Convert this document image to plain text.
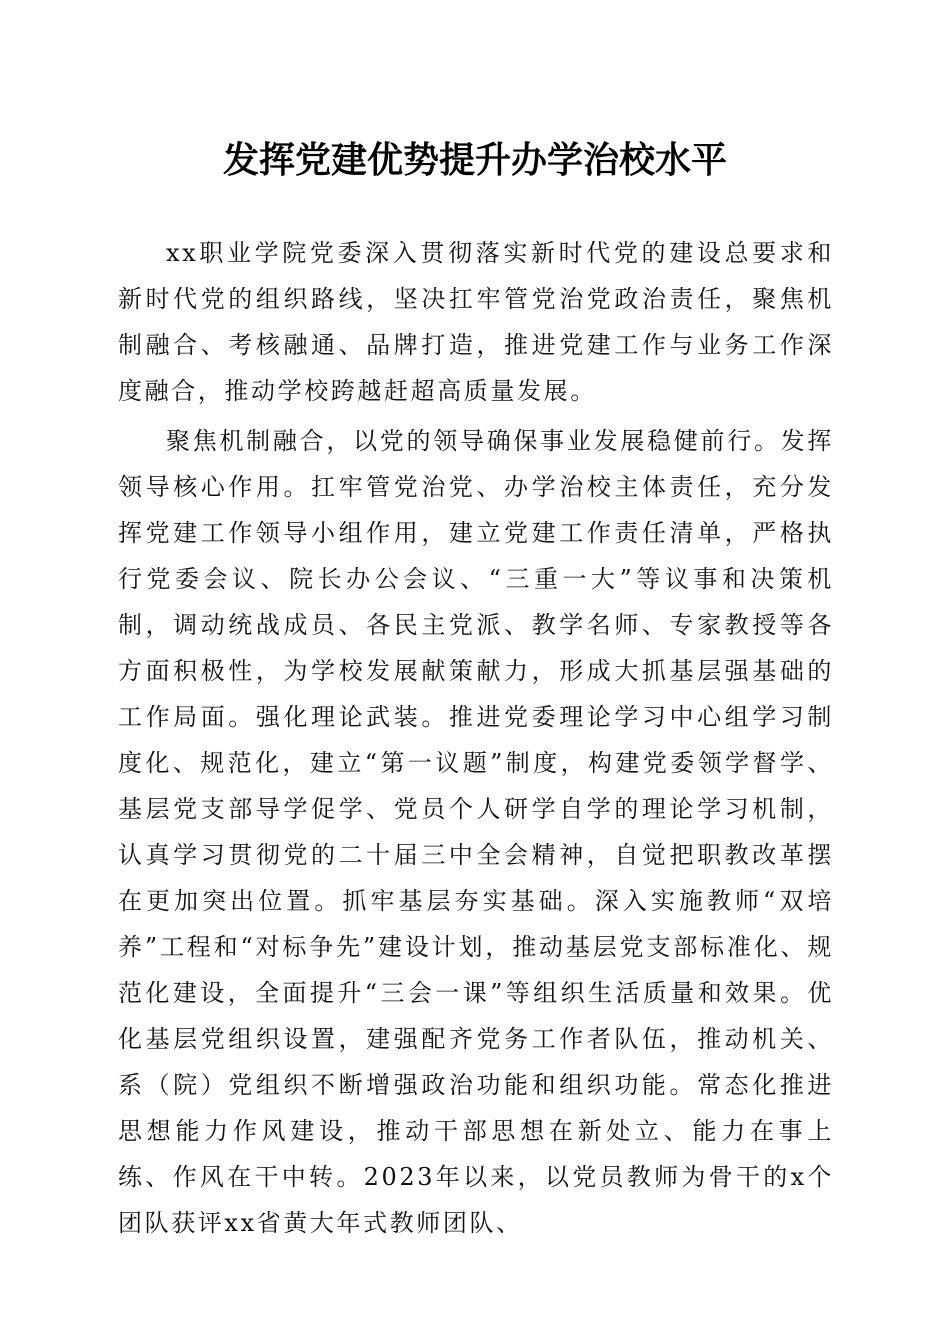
发挥党建优势提升办学治校水平

xx职业学院党委深入贯彻落实新时代党的建设总要求和新时代党的组织路线，坚决扛牢管党治党政治责任，聚焦机制融合、考核融通、品牌打造，推进党建工作与业务工作深度融合，推动学校跨越赶超高质量发展。

聚焦机制融合，以党的领导确保事业发展稳健前行。发挥领导核心作用。扛牢管党治党、办学治校主体责任，充分发挥党建工作领导小组作用，建立党建工作责任清单，严格执行党委会议、院长办公会议、“三重一大”等议事和决策机制，调动统战成员、各民主党派、教学名师、专家教授等各方面积极性，为学校发展献策献力，形成大抓基层强基础的工作局面。强化理论武装。推进党委理论学习中心组学习制度化、规范化，建立“第一议题”制度，构建党委领学督学、基层党支部导学促学、党员个人研学自学的理论学习机制，认真学习贯彻党的二十届三中全会精神，自觉把职教改革摆在更加突出位置。抓牢基层夯实基础。深入实施教师“双培养”工程和“对标争先”建设计划，推动基层党支部标准化、规范化建设，全面提升“三会一课”等组织生活质量和效果。优化基层党组织设置，建强配齐党务工作者队伍，推动机关、系（院）党组织不断增强政治功能和组织功能。常态化推进思想能力作风建设，推动干部思想在新处立、能力在事上练、作风在干中转。2023年以来，以党员教师为骨干的x个团队获评xx省黄大年式教师团队、
